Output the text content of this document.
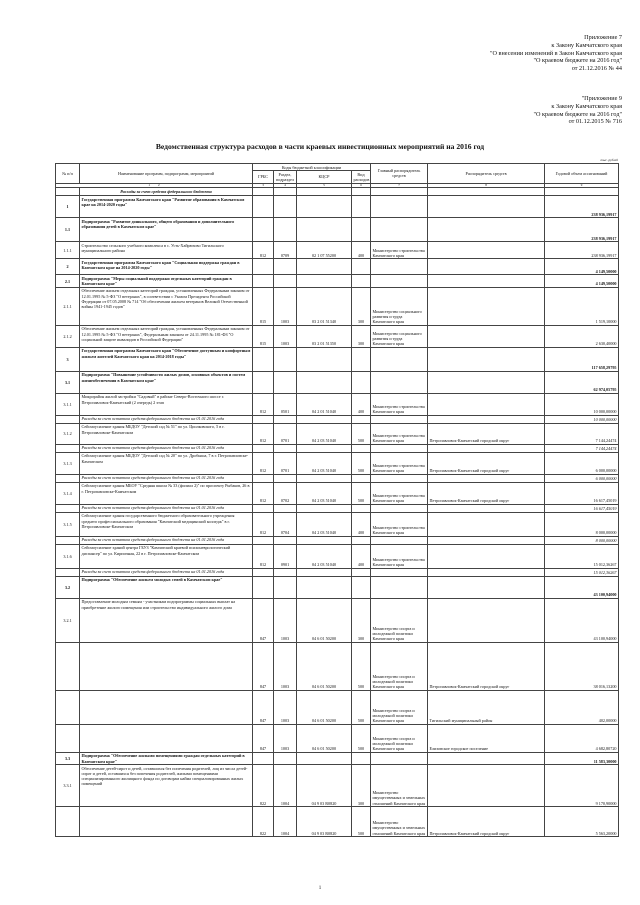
Приложение 7
к Закону Камчатского края
"О внесении изменений в Закон Камчатского края
"О краевом бюджете на 2016 год"
от 21.12.2016 № 44
"Приложение 9
к Закону Камчатского края
"О краевом бюджете на 2016 год"
от 01.12.2015 № 716
Ведомственная структура расходов в части краевых инвестиционных мероприятий на 2016 год
тыс. рублей
№ п/п	Наименование программ, подпрограмм, мероприятий	Коды бюджетной классификации				Главный распорядитель средств	Распорядитель средств	Годовой объем ассигнований
		ГРБС	Раздел, подраздел	КЦСР	Вид расходов			
1 2		3	4	5	6	7	8	9
	Расходы за счет средств федерального бюджета							
1	Государственная программа Камчатского края "Развитие образования в Камчатском крае на 2014-2020 годы"							238 936,19917
1.1	Подпрограмма "Развитие дошкольного, общего образования и дополнительного образования детей в Камчатском крае"							238 936,19917
1.1.1	Строительство сельского учебного комплекса в с. Усть-Хайрюзово Тигильского муниципального района	812	0709	02 1 07 55200	400	Министерство строительства Камчатского края		238 936,19917
2	Государственная программа Камчатского края "Социальная поддержка граждан в Камчатском крае на 2014-2020 годы"							4 149,50000
2.1	Подпрограмма "Меры социальной поддержки отдельных категорий граждан в Камчатском крае"							4 149,50000
2.1.1	Обеспечение жильем отдельных категорий граждан, установленных Федеральным законом от 12.01.1995 № 5-ФЗ "О ветеранах", в соответствии с Указом Президента Российской Федерации от 07.05.2008 № 714 "Об обеспечении жильем ветеранов Великой Отечественной войны 1941-1945 годов"	815	1003	03 2 01 51340	300	Министерство социального развития и труда Камчатского края		1 519,10000
2.1.2	Обеспечение жильем отдельных категорий граждан, установленных Федеральным законом от 12.01.1995 № 5-ФЗ "О ветеранах", Федеральным законом от 24.11.1995 № 181-ФЗ "О социальной защите инвалидов в Российской Федерации"	815	1003	03 2 01 51350	300	Министерство социального развития и труда Камчатского края		2 630,40000
3	Государственная программа Камчатского края "Обеспечение доступным и комфортным жильем жителей Камчатского края на 2014-2018 годы"							117 658,29795
3.1	Подпрограмма "Повышение устойчивости жилых домов, основных объектов и систем жизнеобеспечения в Камчатском крае"							62 974,05795
3.1.1	Микрорайон жилой застройки "Садовый" в районе Северо-Восточного шоссе г. Петропавловск-Камчатский (2 очередь) 2 этап	812	0501	04 2 01 51040	400	Министерство строительства Камчатского края		10 000,00000
	Расходы за счет остатков средств федерального бюджета на 01.01.2016 года							10 000,00000
3.1.2	Сейсмоусиление здания МБДОУ "Детский сад № 51" по ул. Циолковского, 5 в г. Петропавловске-Камчатском	812	0701	04 2 03 51040	500	Министерство строительства Камчатского края	Петропавловск-Камчатский городской округ	7 144,24474
	Расходы за счет остатков средств федерального бюджета на 01.01.2016 года							7 144,24474
3.1.3	Сейсмоусиление здания МБДОУ "Детский сад № 20" по ул. Дробыша, 7 в г. Петропавловске-Камчатском	812	0701	04 2 03 51040	500	Министерство строительства Камчатского края	Петропавловск-Камчатский городской округ	6 000,00000
	Расходы за счет остатков средств федерального бюджета на 01.01.2016 года							6 000,00000
3.1.4	Сейсмоусиление здания МБОУ "Средняя школа № 33 (филиал 2)" по проспекту Рыбаков, 26 в г. Петропавловске-Камчатском	812	0702	04 2 03 51040	500	Министерство строительства Камчатского края	Петропавловск-Камчатский городской округ	16 617,45019
	Расходы за счет остатков средств федерального бюджета на 01.01.2016 года							16 617,45019
3.1.5	Сейсмоусиление здания государственного бюджетного образовательного учреждения среднего профессионального образования "Камчатский медицинский колледж" в г. Петропавловске-Камчатском	812	0704	04 2 03 51040	400	Министерство строительства Камчатского края		8 000,00000
	Расходы за счет остатков средств федерального бюджета на 01.01.2016 года							8 000,00000
3.1.6	Сейсмоусиление зданий центра ГБУЗ "Камчатский краевой психоневрологический диспансер" по ул. Кирпичная, 22 в г. Петропавловске-Камчатском	812	0901	04 2 03 51040	400	Министерство строительства Камчатского края		15 012,36267
	Расходы за счет остатков средств федерального бюджета на 01.01.2016 года							15 012,36267
3.2	Подпрограмма "Обеспечение жильем молодых семей в Камчатском крае"							43 100,94000
3.2.1	Предоставление молодым семьям - участникам подпрограммы социальных выплат на приобретение жилого помещения или строительство индивидуального жилого дома	847	1003	04 6 01 50200	300	Министерство спорта и молодежной политики Камчатского края		43 100,94000
		847	1003	04 6 01 50200	500	Министерство спорта и молодежной политики Камчатского края	Петропавловск-Камчатский городской округ	38 016,13200
		847	1003	04 6 01 50200	500	Министерство спорта и молодежной политики Камчатского края	Тигильский муниципальный район	402,00000
		847	1003	04 6 01 50200	500	Министерство спорта и молодежной политики Камчатского края	Елизовское городское поселение	4 682,80720
3.3	Подпрограмма "Обеспечение жилыми помещениями граждан отдельных категорий в Камчатском крае"							11 583,30000
3.3.1	Обеспечение детей-сирот и детей, оставшихся без попечения родителей, лиц из числа детей-сирот и детей, оставшихся без попечения родителей, жилыми помещениями специализированного жилищного фонда по договорам найма специализированных жилых помещений	822	1004	04 9 03 R0820	300	Министерство имущественных и земельных отношений Камчатского края		9 170,90000
		822	1004	04 9 03 R0820	500	Министерство имущественных и земельных отношений Камчатского края	Петропавловск-Камчатский городской округ	5 563,20000
1
